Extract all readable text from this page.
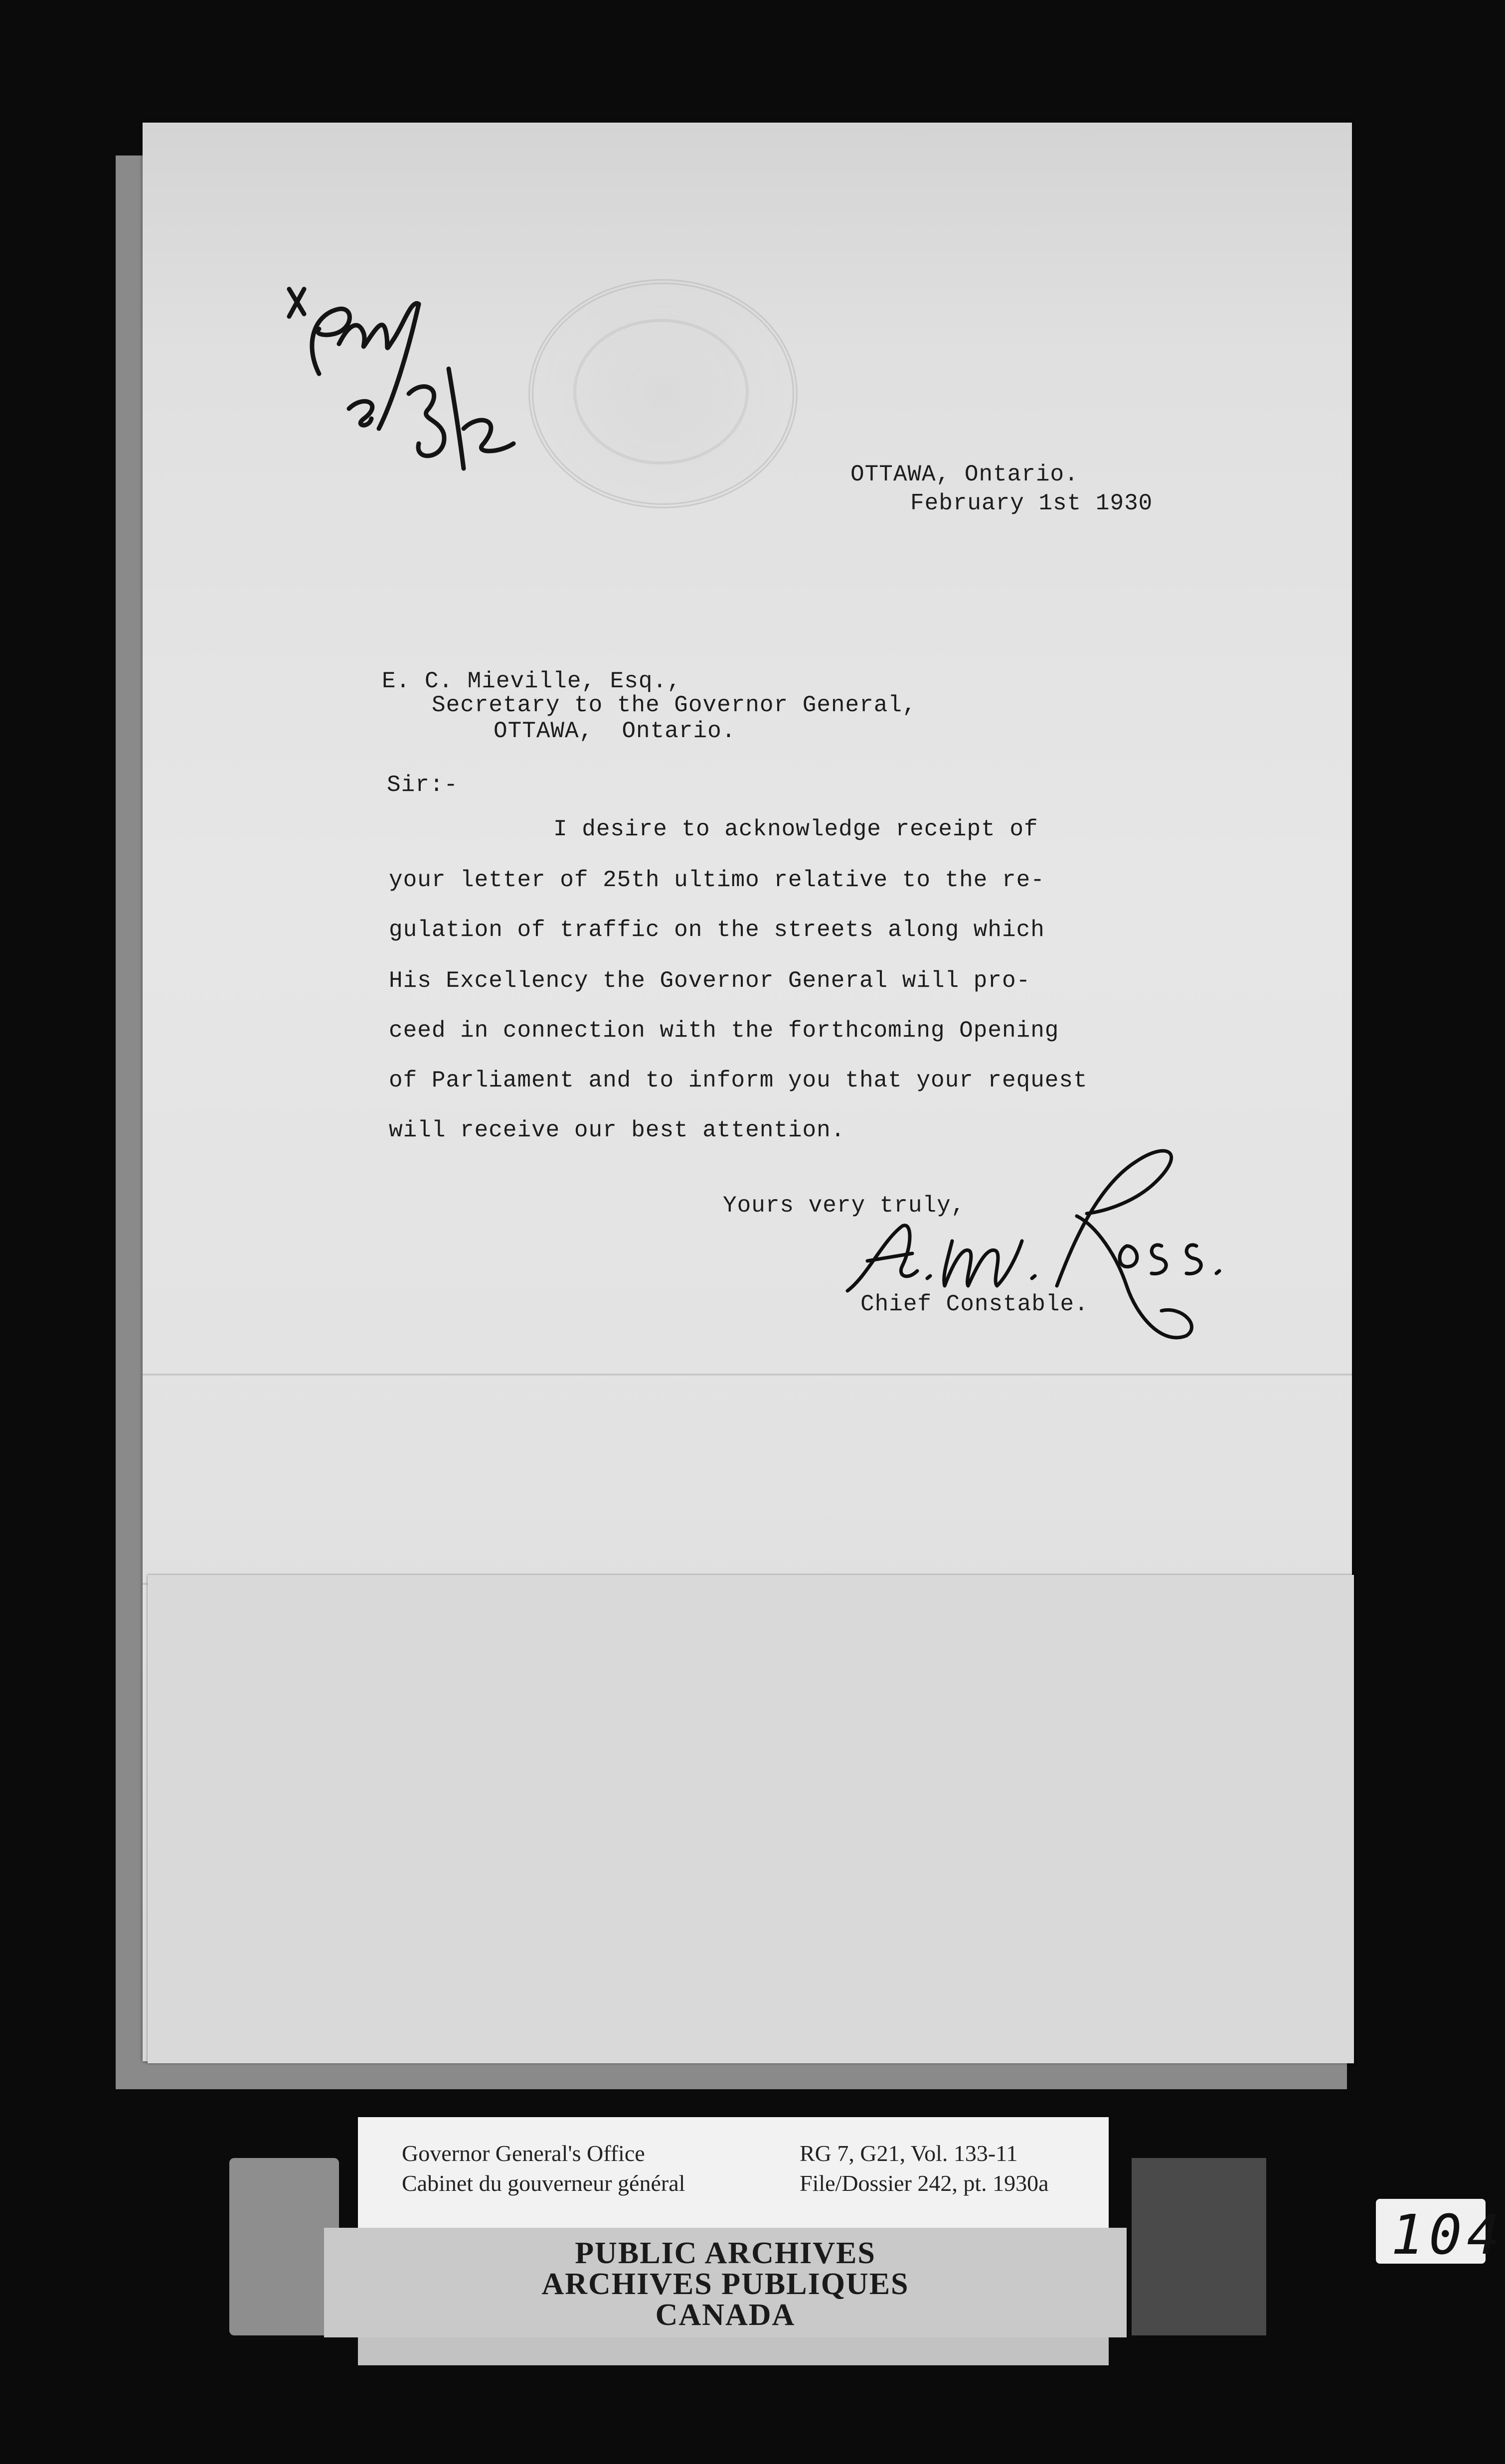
OTTAWA, Ontario.
February 1st 1930
E. C. Mieville, Esq.,
Secretary to the Governor General,
OTTAWA,  Ontario.
Sir:-
I desire to acknowledge receipt of
your letter of 25th ultimo relative to the re-
gulation of traffic on the streets along which
His Excellency the Governor General will pro-
ceed in connection with the forthcoming Opening
of Parliament and to inform you that your request
will receive our best attention.
Yours very truly,
Chief Constable.
Governor General's Office
Cabinet du gouverneur général
RG 7, G21, Vol. 133-11
File/Dossier 242, pt. 1930a
PUBLIC ARCHIVES
ARCHIVES PUBLIQUES
CANADA
104
